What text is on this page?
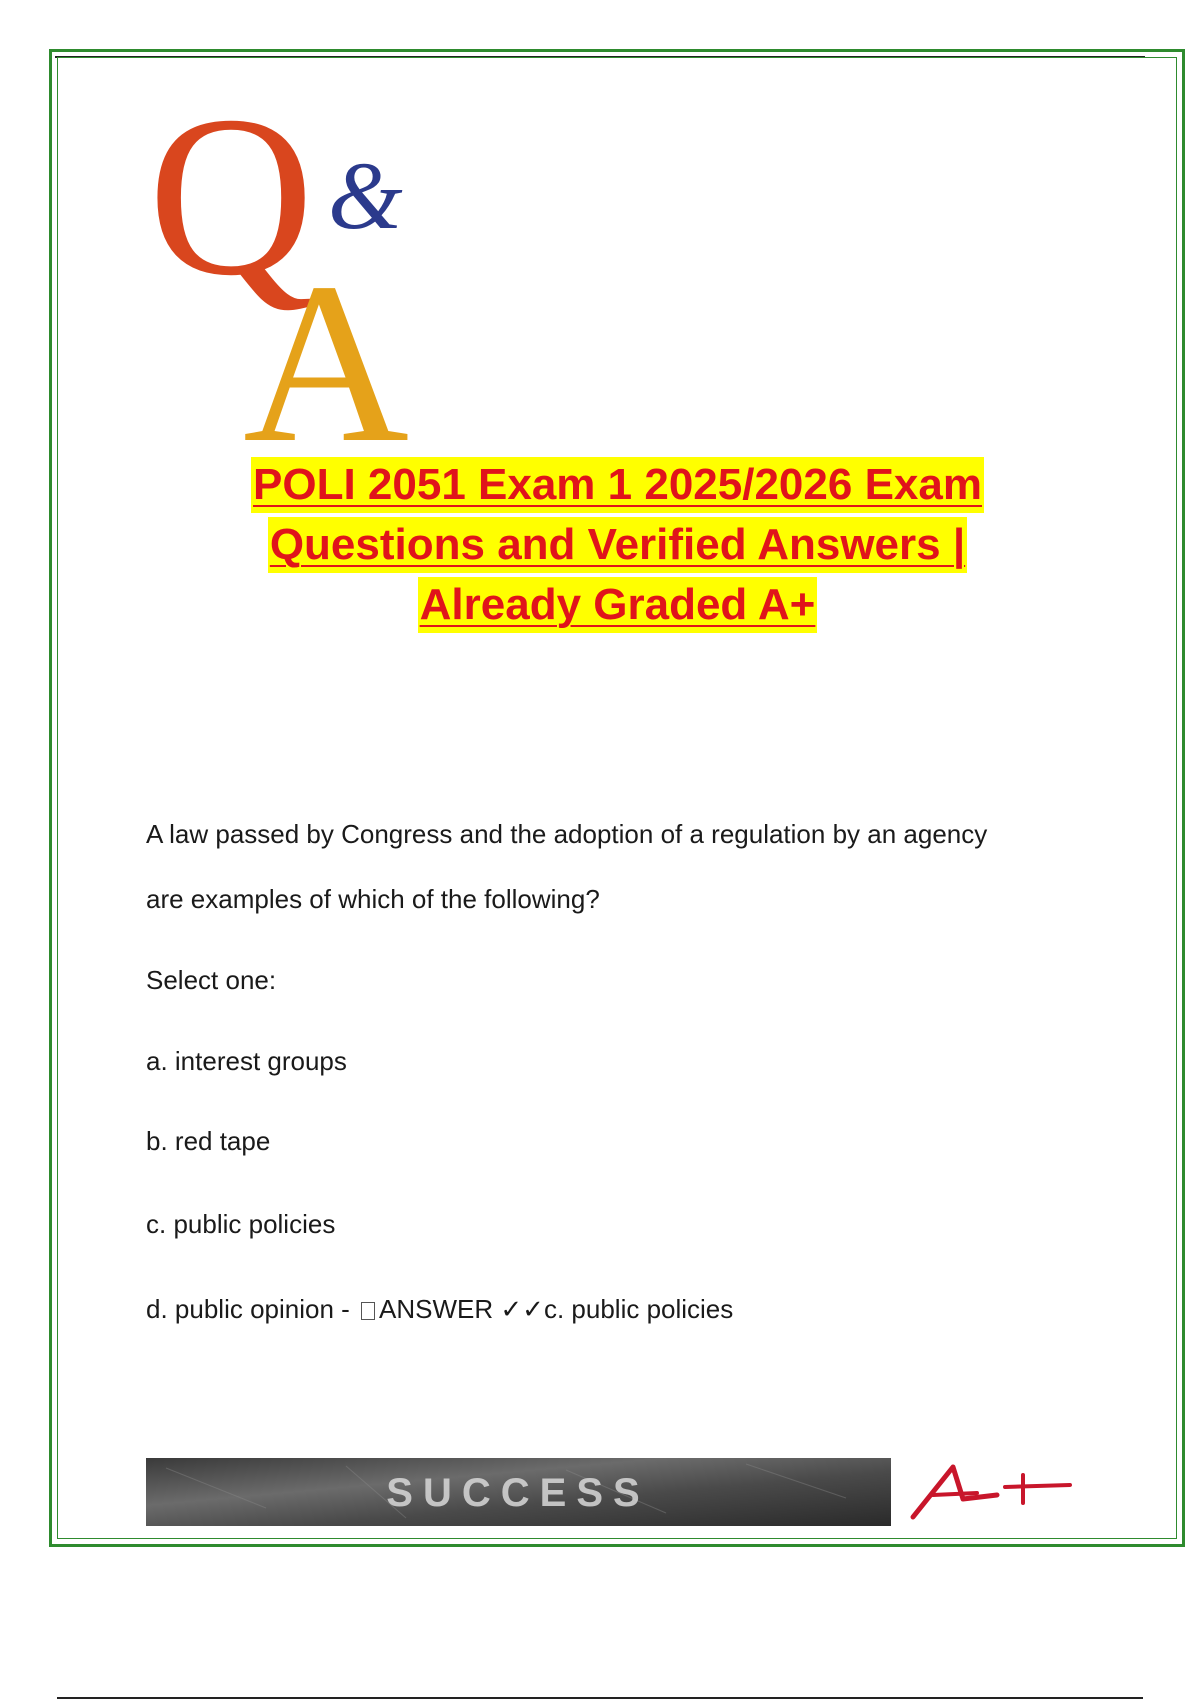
Q &
A
POLI 2051 Exam 1 2025/2026 Exam
Questions and Verified Answers |
Already Graded A+

A law passed by Congress and the adoption of a regulation by an agency

are examples of which of the following?

Select one:

a. interest groups

b. red tape

c. public policies

d. public opinion - ANSWER ✓✓c. public policies

SUCCESS
